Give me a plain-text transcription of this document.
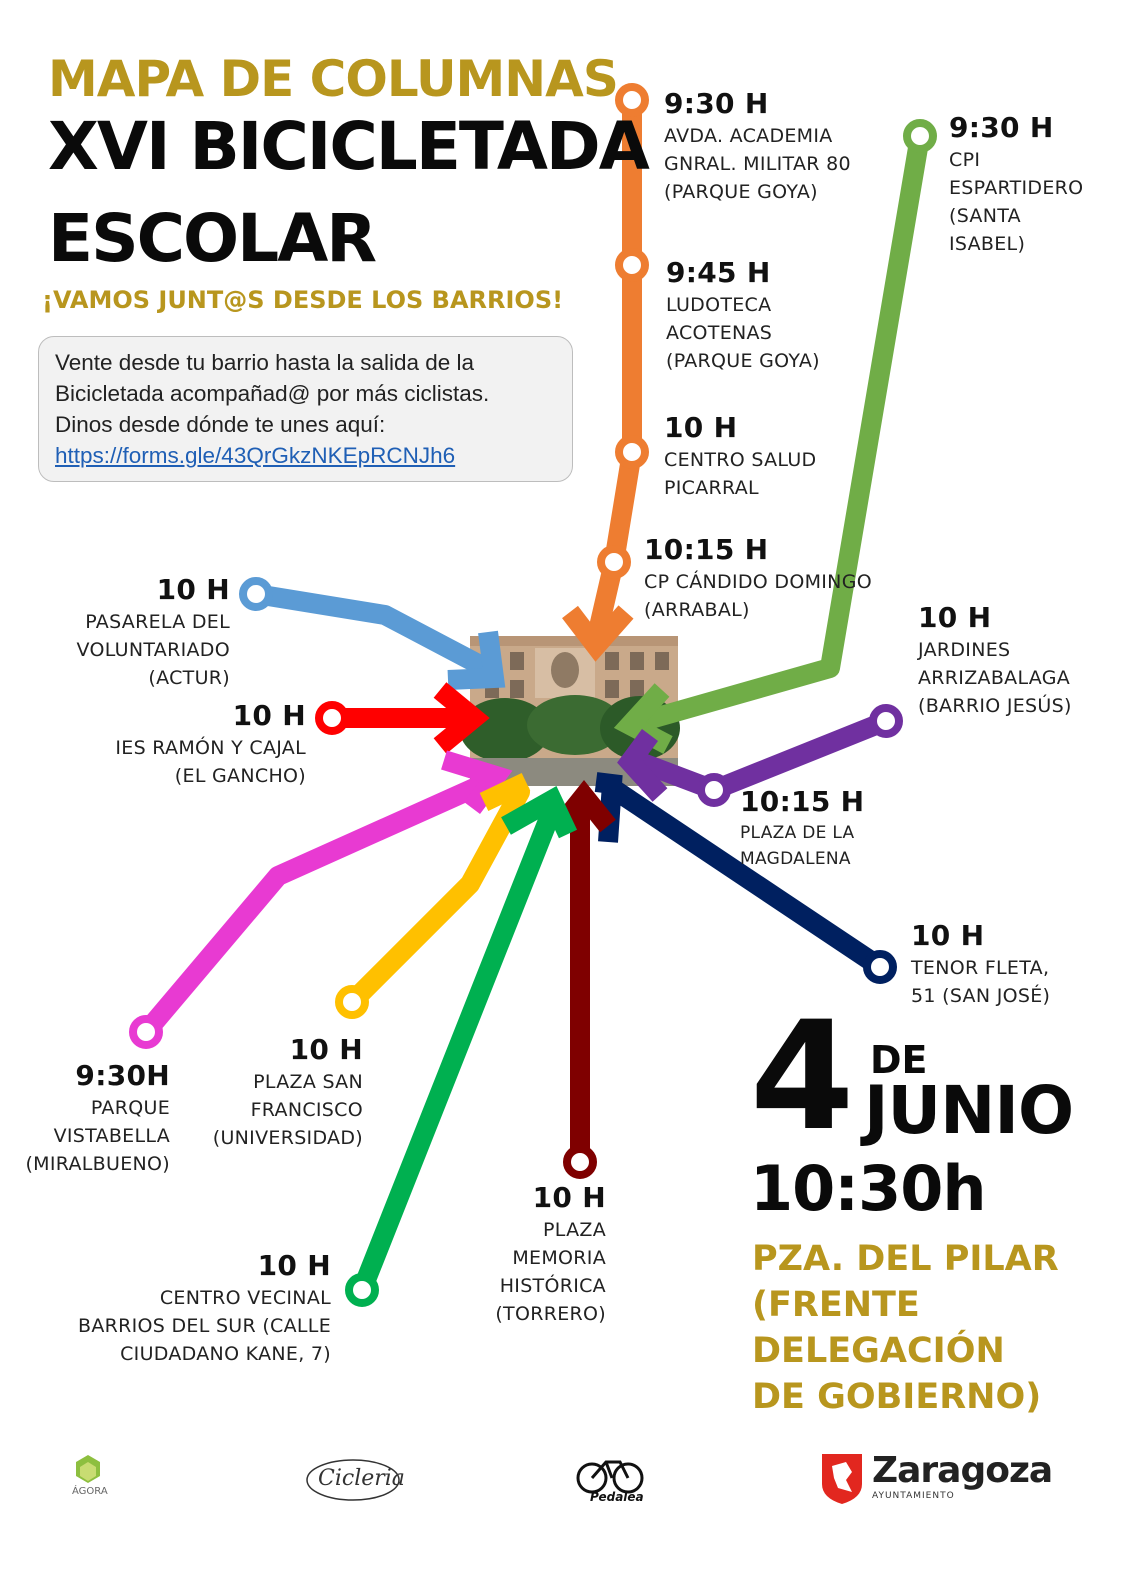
MAPA DE COLUMNAS
XVI BICICLETADA
ESCOLAR
¡VAMOS JUNT@S DESDE LOS BARRIOS!
Vente desde tu barrio hasta la salida de la
Bicicletada acompañad@ por más ciclistas.
Dinos desde dónde te unes aquí:
https://forms.gle/43QrGkzNKEpRCNJh6
9:30 H
AVDA. ACADEMIA
GNRAL. MILITAR 80
(PARQUE GOYA)
9:45 H
LUDOTECA
ACOTENAS
(PARQUE GOYA)
10 H
CENTRO SALUD
PICARRAL
10:15 H
CP CÁNDIDO DOMINGO
(ARRABAL)
9:30 H
CPI
ESPARTIDERO
(SANTA
ISABEL)
10 H
PASARELA DEL
VOLUNTARIADO
(ACTUR)
10 H
IES RAMÓN Y CAJAL
(EL GANCHO)
10 H
JARDINES
ARRIZABALAGA
(BARRIO JESÚS)
10:15 H
PLAZA DE LA
MAGDALENA
10 H
TENOR FLETA,
51 (SAN JOSÉ)
9:30H
PARQUE
VISTABELLA
(MIRALBUENO)
10 H
PLAZA SAN
FRANCISCO
(UNIVERSIDAD)
10 H
PLAZA
MEMORIA
HISTÓRICA
(TORRERO)
10 H
CENTRO VECINAL
BARRIOS DEL SUR (CALLE
CIUDADANO KANE, 7)
4 DE
JUNIO
10:30h
PZA. DEL PILAR
(FRENTE DELEGACIÓN
DE GOBIERNO)
ÁGORA
Cicleria
Pedalea
Zaragoza
AYUNTAMIENTO
